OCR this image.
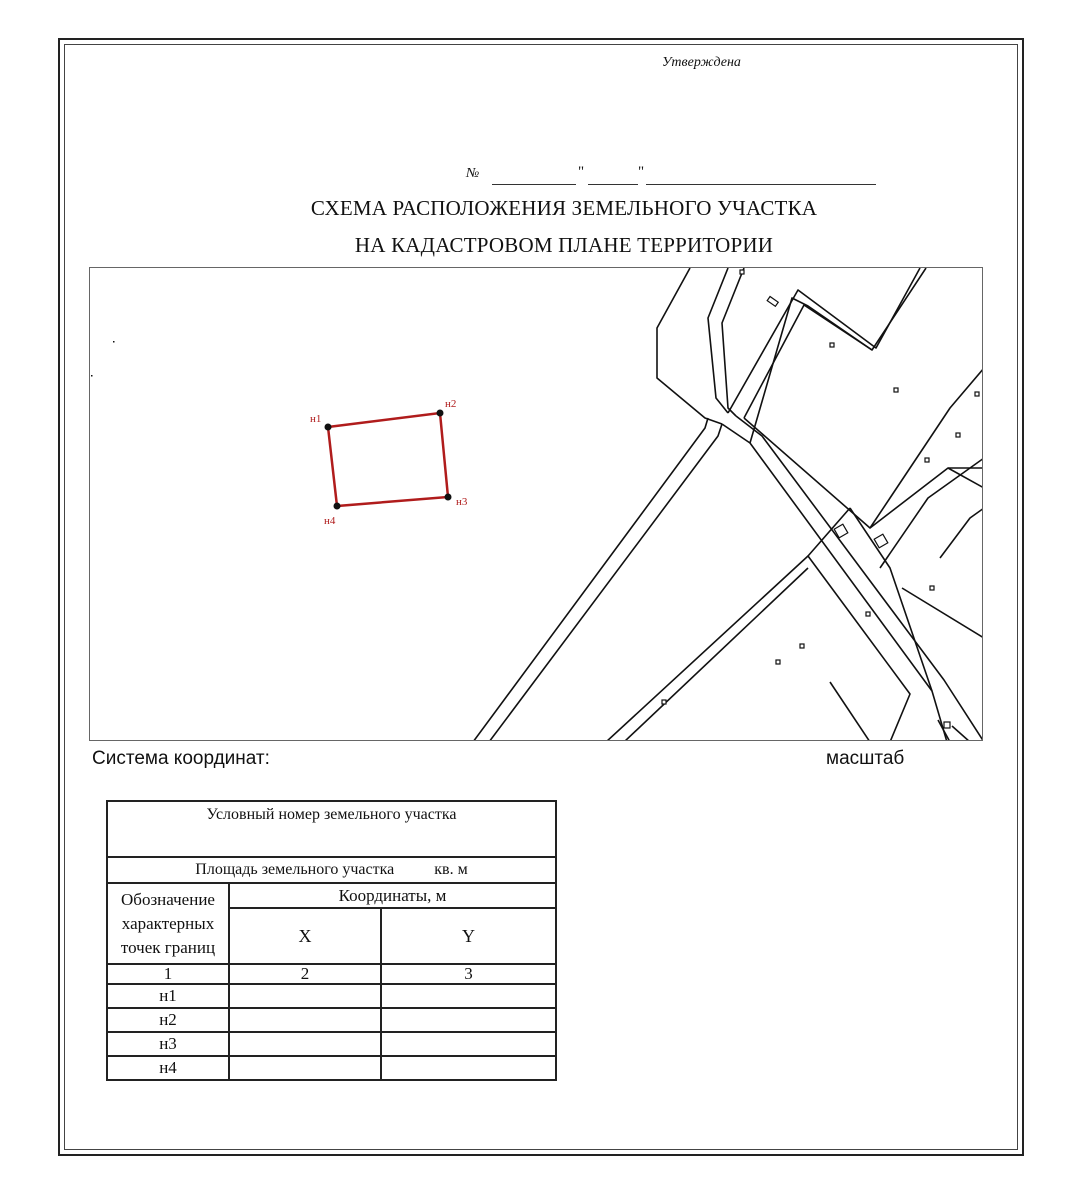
Утверждена
№	"	"
СХЕМА РАСПОЛОЖЕНИЯ ЗЕМЕЛЬНОГО УЧАСТКА
НА КАДАСТРОВОМ ПЛАНЕ ТЕРРИТОРИИ
н1
н2
н3
н4
Система координат:	масштаб
Условный номер земельного участка		
Площадь земельного участка кв. м		
Обозначение характерных точек границ	Координаты, м	
	X	Y
1	2	3
н1		
н2		
н3		
н4		
